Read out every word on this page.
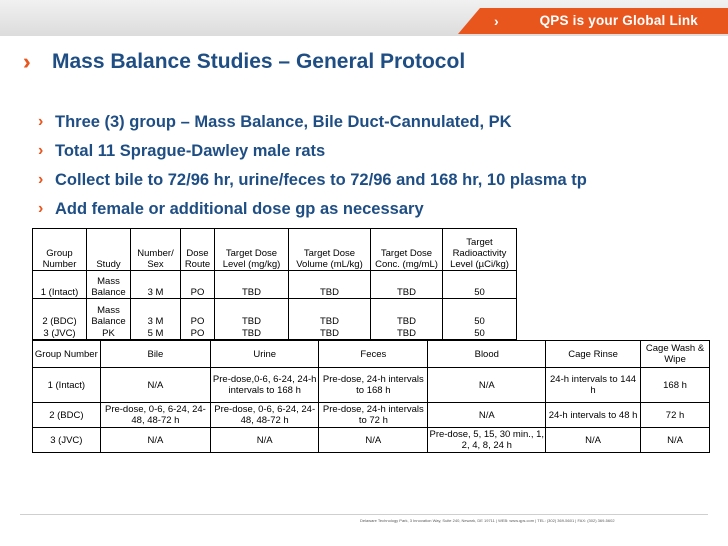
›	QPS is your Global Link
›› Mass Balance Studies – General Protocol
› Three (3) group – Mass Balance, Bile Duct-Cannulated, PK
› Total 11 Sprague-Dawley male rats
› Collect bile to 72/96 hr, urine/feces to 72/96 and 168 hr, 10 plasma tp
› Add female or additional dose gp as necessary
Group Number	Study	Number/ Sex	Dose Route	Target Dose Level (mg/kg)	Target Dose Volume (mL/kg)	Target Dose Conc. (mg/mL)	Target Radioactivity Level (µCi/kg)
1 (Intact)	Mass Balance	3 M	PO	TBD	TBD	TBD	50
2 (BDC)	Mass Balance	3 M	PO	TBD	TBD	TBD	50
3 (JVC)	PK	5 M	PO	TBD	TBD	TBD	50
Group Number	Bile	Urine	Feces	Blood	Cage Rinse	Cage Wash & Wipe
1 (Intact)	N/A	Pre-dose,0-6, 6-24, 24-h intervals to 168 h	Pre-dose, 24-h intervals to 168 h	N/A	24-h intervals to 144 h	168 h
2 (BDC)	Pre-dose, 0-6, 6-24, 24-48, 48-72 h	Pre-dose, 0-6, 6-24, 24-48, 48-72 h	Pre-dose, 24-h intervals to 72 h	N/A	24-h intervals to 48 h	72 h
3 (JVC)	N/A	N/A	N/A	Pre-dose, 5, 15, 30 min., 1, 2, 4, 8, 24 h	N/A	N/A
Delaware Technology Park, 3 Innovation Way, Suite 240, Newark, DE 19711 | WEB: www.qps.com | TEL: (302) 369-5601 | FAX: (302) 369-5602
